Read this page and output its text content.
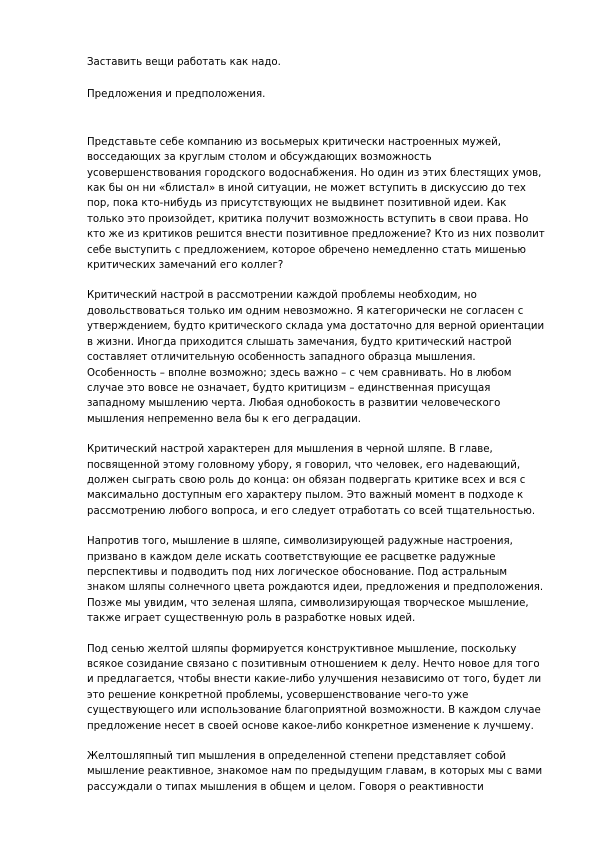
Заставить вещи работать как надо.

Предложения и предположения.

Представьте себе компанию из восьмерых критически настроенных мужей, восседающих за круглым столом и обсуждающих возможность усовершенствования городского водоснабжения. Но один из этих блестящих умов, как бы он ни «блистал» в иной ситуации, не может вступить в дискуссию до тех пор, пока кто-нибудь из присутствующих не выдвинет позитивной идеи. Как только это произойдет, критика получит возможность вступить в свои права. Но кто же из критиков решится внести позитивное предложение? Кто из них позволит себе выступить с предложением, которое обречено немедленно стать мишенью критических замечаний его коллег?

Критический настрой в рассмотрении каждой проблемы необходим, но довольствоваться только им одним невозможно. Я категорически не согласен с утверждением, будто критического склада ума достаточно для верной ориентации в жизни. Иногда приходится слышать замечания, будто критический настрой составляет отличительную особенность западного образца мышления. Особенность – вполне возможно; здесь важно – с чем сравнивать. Но в любом случае это вовсе не означает, будто критицизм – единственная присущая западному мышлению черта. Любая однобокость в развитии человеческого мышления непременно вела бы к его деградации.

Критический настрой характерен для мышления в черной шляпе. В главе, посвященной этому головному убору, я говорил, что человек, его надевающий, должен сыграть свою роль до конца: он обязан подвергать критике всех и вся с максимально доступным его характеру пылом. Это важный момент в подходе к рассмотрению любого вопроса, и его следует отработать со всей тщательностью.

Напротив того, мышление в шляпе, символизирующей радужные настроения, призвано в каждом деле искать соответствующие ее расцветке радужные перспективы и подводить под них логическое обоснование. Под астральным знаком шляпы солнечного цвета рождаются идеи, предложения и предположения. Позже мы увидим, что зеленая шляпа, символизирующая творческое мышление, также играет существенную роль в разработке новых идей.

Под сенью желтой шляпы формируется конструктивное мышление, поскольку всякое созидание связано с позитивным отношением к делу. Нечто новое для того и предлагается, чтобы внести какие-либо улучшения независимо от того, будет ли это решение конкретной проблемы, усовершенствование чего-то уже существующего или использование благоприятной возможности. В каждом случае предложение несет в своей основе какое-либо конкретное изменение к лучшему.

Желтошляпный тип мышления в определенной степени представляет собой мышление реактивное, знакомое нам по предыдущим главам, в которых мы с вами рассуждали о типах мышления в общем и целом. Говоря о реактивности
